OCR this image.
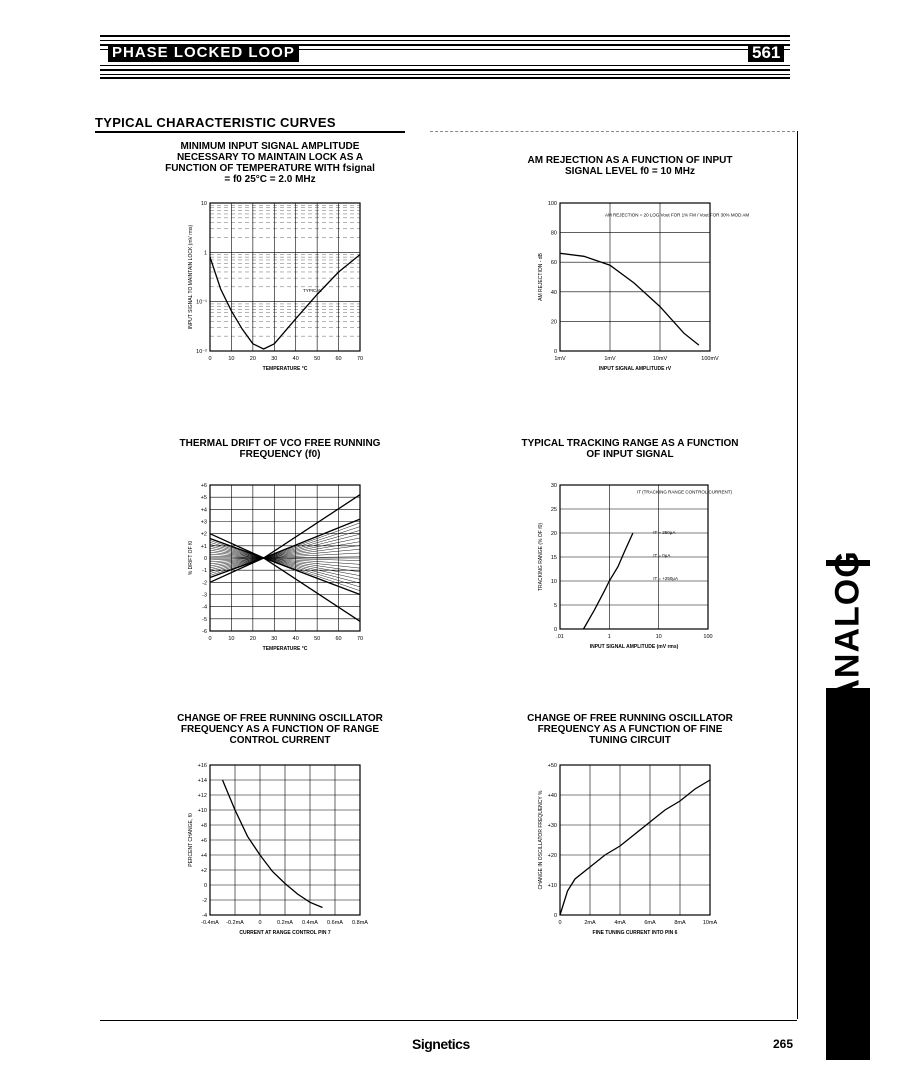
PHASE LOCKED LOOP	561
TYPICAL CHARACTERISTIC CURVES
MINIMUM INPUT SIGNAL AMPLITUDE
NECESSARY TO MAINTAIN LOCK AS A
FUNCTION OF TEMPERATURE WITH fsignal
= f0 25°C = 2.0 MHz
AM REJECTION AS A FUNCTION OF INPUT
SIGNAL LEVEL f0 = 10 MHz
THERMAL DRIFT OF VCO FREE RUNNING
FREQUENCY (f0)
TYPICAL TRACKING RANGE AS A FUNCTION
OF INPUT SIGNAL
CHANGE OF FREE RUNNING OSCILLATOR
FREQUENCY AS A FUNCTION OF RANGE
CONTROL CURRENT
CHANGE OF FREE RUNNING OSCILLATOR
FREQUENCY AS A FUNCTION OF FINE
TUNING CIRCUIT
0	10	20	30	40	50	60	70
10⁻²
10⁻¹
1
10
TEMPERATURE °C
INPUT SIGNAL TO MAINTAIN LOCK (mV rms)	TYPICAL
1mV	1mV	10mV	100mV
0
20
40
60
80
100
INPUT SIGNAL AMPLITUDE rV
AM REJECTION - dB
AM REJECTION = 20 LOG Vout FOR 1% FM / Vout FOR 30% MOD AM
0	10	20	30	40	50	60	70
-6
-5
-4
-3
-2
-1
0
+1
+2
+3
+4
+5
+6
TEMPERATURE °C
% DRIFT OF f0
.01	1	10	100
0
5
10
15
20
25
30
INPUT SIGNAL AMPLITUDE (mV rms)
TRACKING RANGE (% OF f0)
IT (TRACKING RANGE CONTROL CURRENT)
IT = 250μA
IT = 0μA
IT = +250μA
-0.4mA -0.2mA	0	0.2mA 0.4mA 0.6mA 0.8mA
-4
-2
0
+2
+4
+6
+8
+10
+12
+14
+16
CURRENT AT RANGE CONTROL PIN 7
PERCENT CHANGE, f0
0	2mA	4mA	6mA	8mA	10mA
0
+10
+20
+30
+40
+50
FINE TUNING CURRENT INTO PIN 6
CHANGE IN OSCILLATOR FREQUENCY %
ANALOG
Signetics	265
